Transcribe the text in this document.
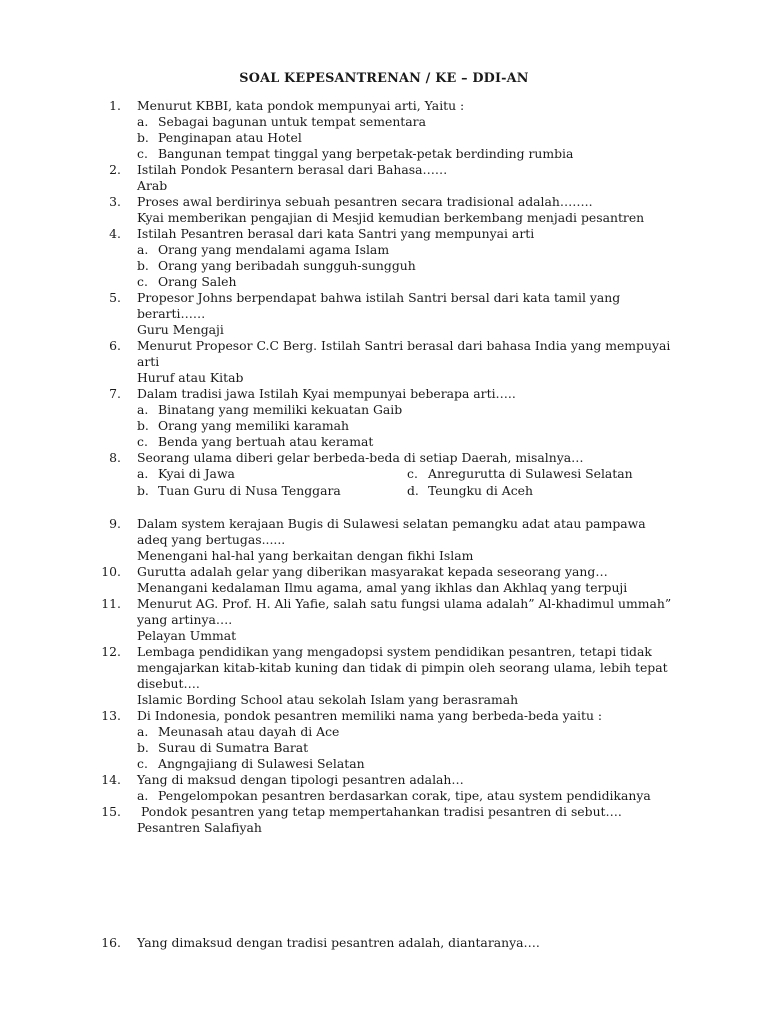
SOAL KEPESANTRENAN / KE – DDI-AN
1. Menurut KBBI, kata pondok mempunyai arti, Yaitu :
a. Sebagai bagunan untuk tempat sementara
b. Penginapan atau Hotel
c. Bangunan tempat tinggal yang berpetak-petak berdinding rumbia
2. Istilah Pondok Pesantern berasal dari Bahasa……
Arab
3. Proses awal berdirinya sebuah pesantren secara tradisional adalah……..
Kyai memberikan pengajian di Mesjid kemudian berkembang menjadi pesantren
4. Istilah Pesantren berasal dari kata Santri yang mempunyai arti
a. Orang yang mendalami agama Islam
b. Orang yang beribadah sungguh-sungguh
c. Orang Saleh
5. Propesor Johns berpendapat bahwa istilah Santri bersal dari kata tamil yang berarti……
Guru Mengaji
6. Menurut Propesor C.C Berg. Istilah Santri berasal dari bahasa India yang mempuyai arti
Huruf atau Kitab
7. Dalam tradisi jawa Istilah Kyai mempunyai beberapa arti…..
a. Binatang yang memiliki kekuatan Gaib
b. Orang yang memiliki karamah
c. Benda yang bertuah atau keramat
8. Seorang ulama diberi gelar berbeda-beda di setiap Daerah, misalnya…
a. Kyai di Jawa	c. Anregurutta di Sulawesi Selatan
b. Tuan Guru di Nusa Tenggara	d. Teungku di Aceh
9. Dalam system kerajaan Bugis di Sulawesi selatan pemangku adat atau pampawa adeq yang bertugas......
Menengani hal-hal yang berkaitan dengan fikhi Islam
10. Gurutta adalah gelar yang diberikan masyarakat kepada seseorang yang…
Menangani kedalaman Ilmu agama, amal yang ikhlas dan Akhlaq yang terpuji
11. Menurut AG. Prof. H. Ali Yafie, salah satu fungsi ulama adalah” Al-khadimul ummah” yang artinya….
Pelayan Ummat
12. Lembaga pendidikan yang mengadopsi system pendidikan pesantren, tetapi tidak mengajarkan kitab-kitab kuning dan tidak di pimpin oleh seorang ulama, lebih tepat disebut….
Islamic Bording School atau sekolah Islam yang berasramah
13. Di Indonesia, pondok pesantren memiliki nama yang berbeda-beda yaitu :
a. Meunasah atau dayah di Ace
b. Surau di Sumatra Barat
c. Angngajiang di Sulawesi Selatan
14. Yang di maksud dengan tipologi pesantren adalah…
a. Pengelompokan pesantren berdasarkan corak, tipe, atau system pendidikanya
15. Pondok pesantren yang tetap mempertahankan tradisi pesantren di sebut….
Pesantren Salafiyah
16. Yang dimaksud dengan tradisi pesantren adalah, diantaranya….
